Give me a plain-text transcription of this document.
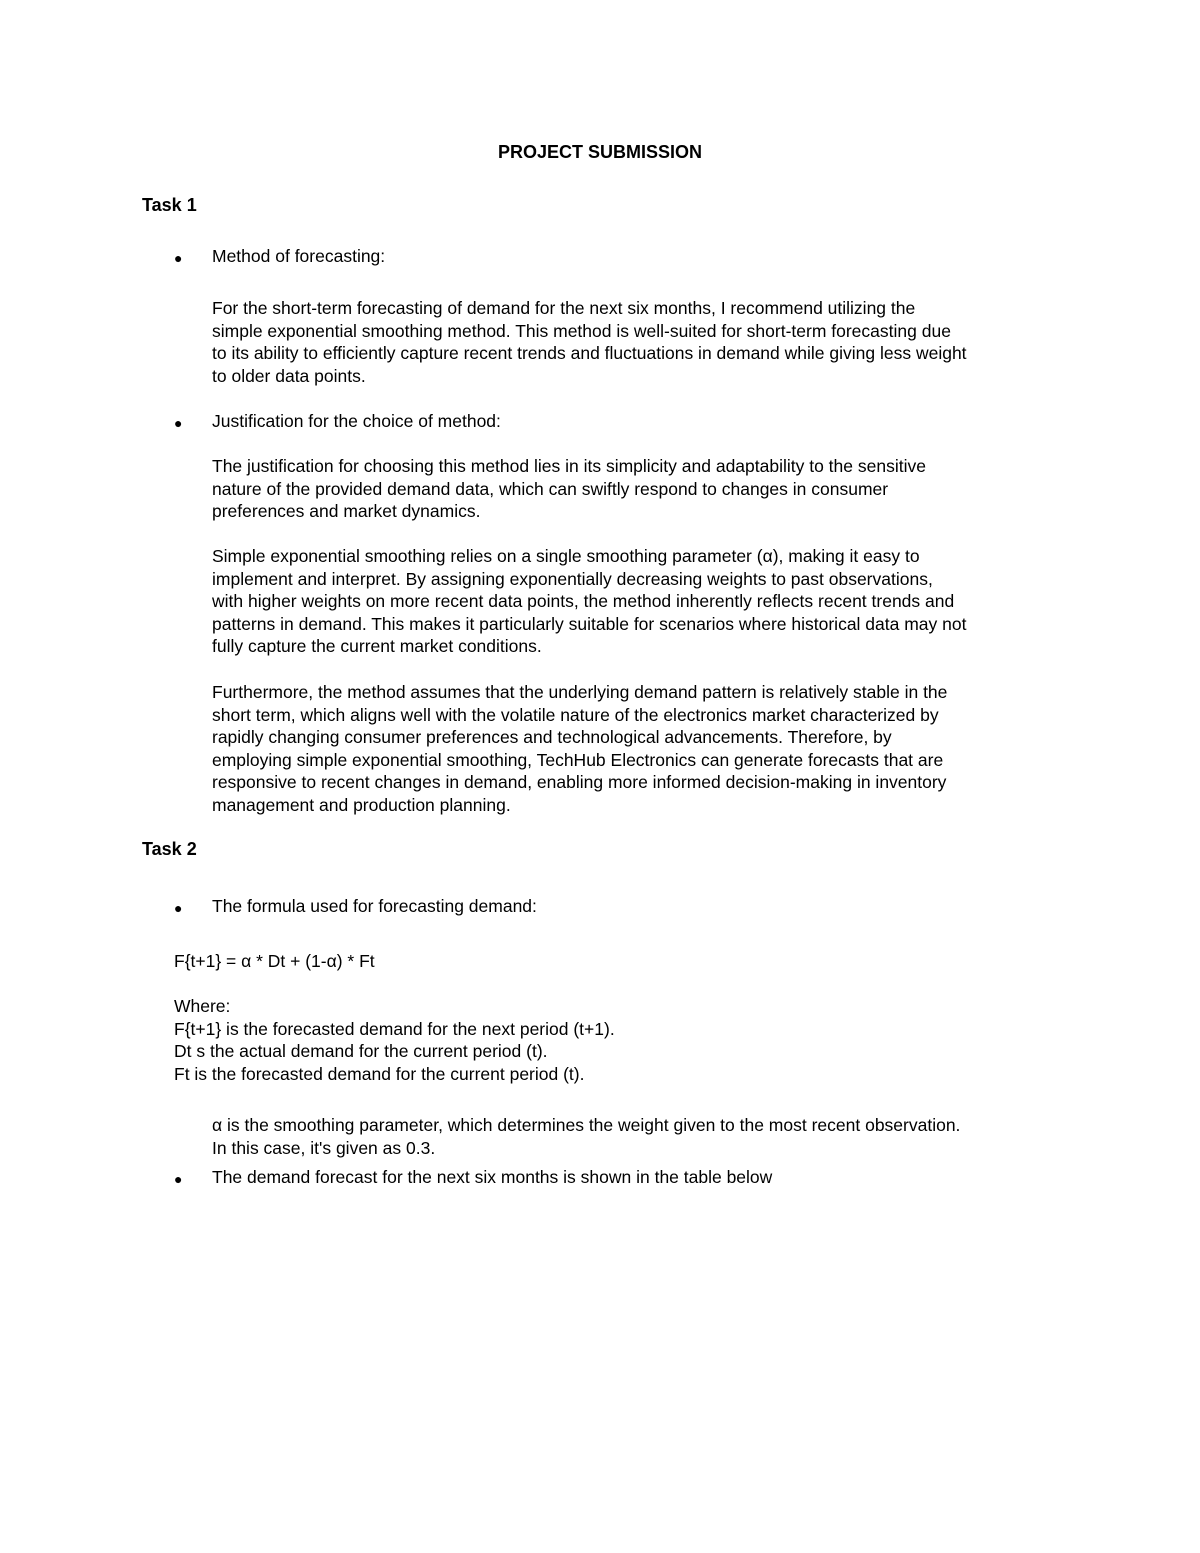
PROJECT SUBMISSION
Task 1
●	Method of forecasting:
For the short-term forecasting of demand for the next six months, I recommend utilizing the
simple exponential smoothing method. This method is well-suited for short-term forecasting due
to its ability to efficiently capture recent trends and fluctuations in demand while giving less weight
to older data points.
●	Justification for the choice of method:
The justification for choosing this method lies in its simplicity and adaptability to the sensitive
nature of the provided demand data, which can swiftly respond to changes in consumer
preferences and market dynamics.
Simple exponential smoothing relies on a single smoothing parameter (α), making it easy to
implement and interpret. By assigning exponentially decreasing weights to past observations,
with higher weights on more recent data points, the method inherently reflects recent trends and
patterns in demand. This makes it particularly suitable for scenarios where historical data may not
fully capture the current market conditions.
Furthermore, the method assumes that the underlying demand pattern is relatively stable in the
short term, which aligns well with the volatile nature of the electronics market characterized by
rapidly changing consumer preferences and technological advancements. Therefore, by
employing simple exponential smoothing, TechHub Electronics can generate forecasts that are
responsive to recent changes in demand, enabling more informed decision-making in inventory
management and production planning.
Task 2
●	The formula used for forecasting demand:
F{t+1} = α * Dt + (1-α) * Ft
Where:
F{t+1} is the forecasted demand for the next period (t+1).
Dt s the actual demand for the current period (t).
Ft is the forecasted demand for the current period (t).
α is the smoothing parameter, which determines the weight given to the most recent observation.
In this case, it's given as 0.3.
●	The demand forecast for the next six months is shown in the table below
